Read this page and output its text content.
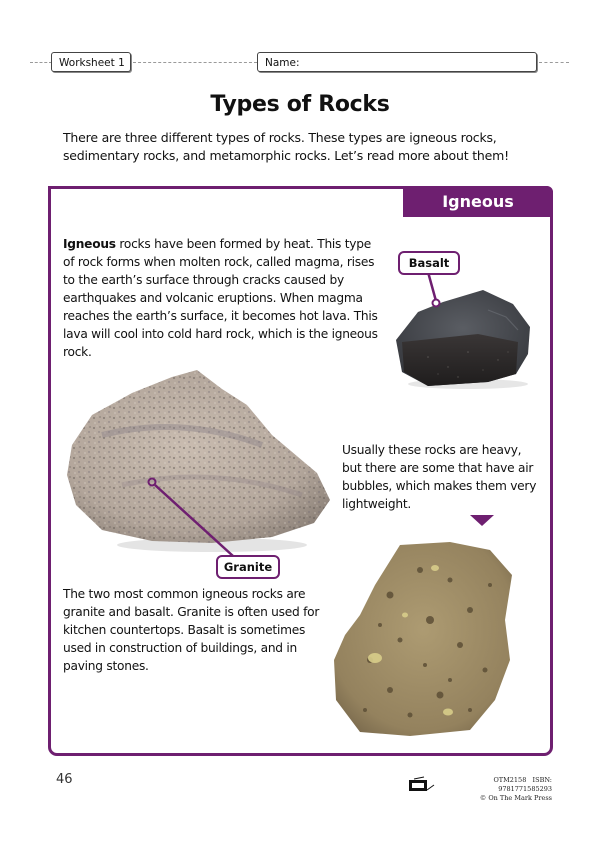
Worksheet 1	Name:
Types of Rocks
There are three different types of rocks. These types are igneous rocks, sedimentary rocks, and metamorphic rocks. Let’s read more about them!
Igneous
Igneous rocks have been formed by heat. This type of rock forms when molten rock, called magma, rises to the earth’s surface through cracks caused by earthquakes and volcanic eruptions. When magma reaches the earth’s surface, it becomes hot lava. This lava will cool into cold hard rock, which is the igneous rock.
Basalt
Granite
Usually these rocks are heavy, but there are some that have air bubbles, which makes them very lightweight.
The two most common igneous rocks are granite and basalt. Granite is often used for kitchen countertops. Basalt is sometimes used in construction of buildings, and in paving stones.
46	OTM2158 ISBN: 9781771585293
© On The Mark Press
